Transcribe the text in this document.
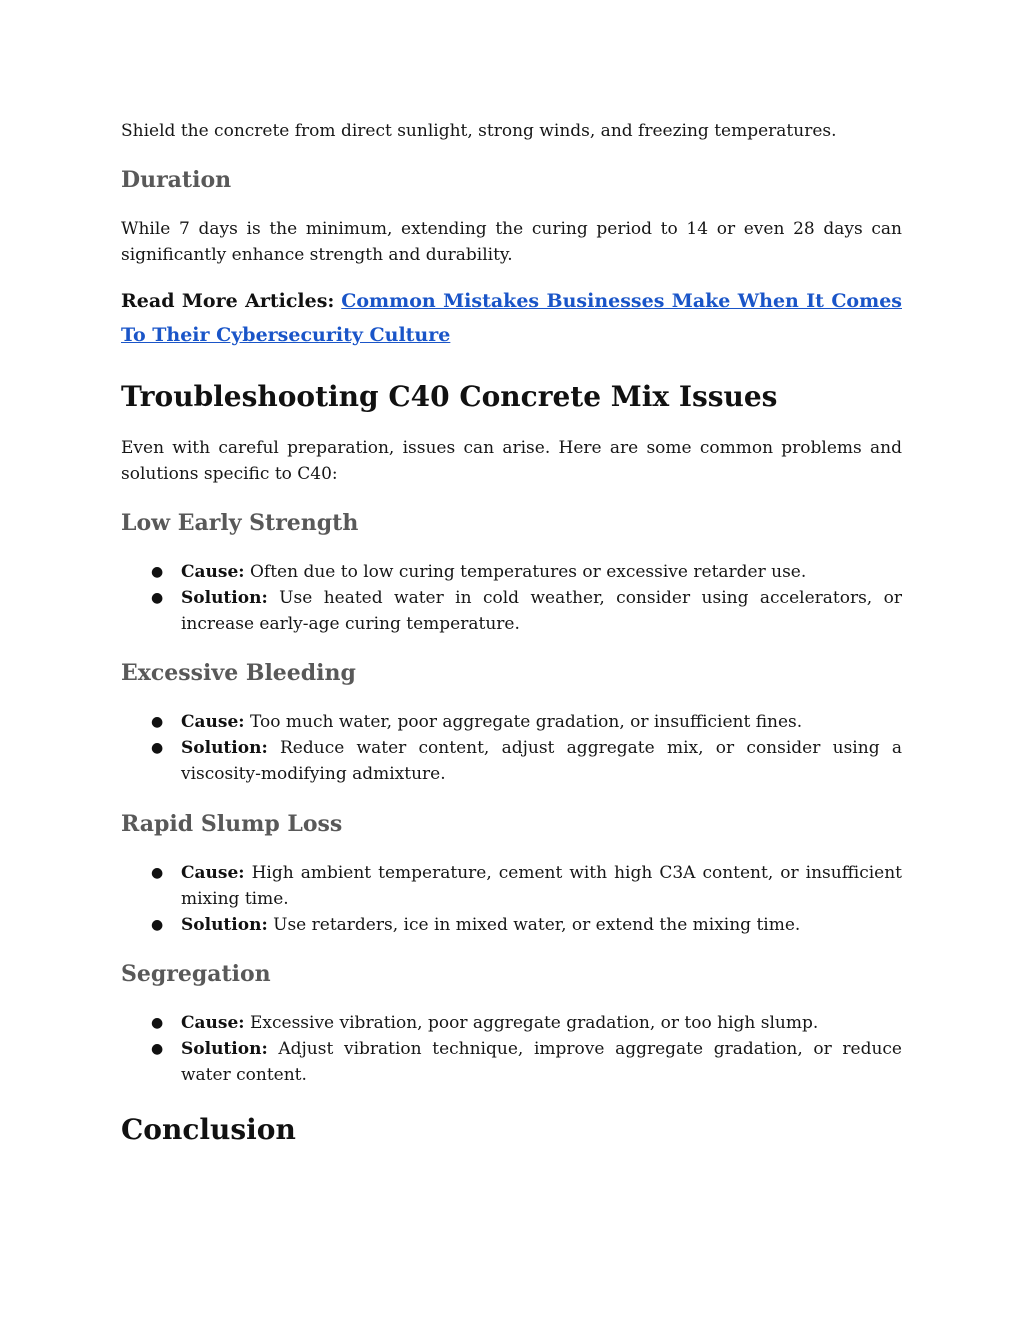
Shield the concrete from direct sunlight, strong winds, and freezing temperatures.

Duration

While 7 days is the minimum, extending the curing period to 14 or even 28 days can significantly enhance strength and durability.

Read More Articles: Common Mistakes Businesses Make When It Comes To Their Cybersecurity Culture

Troubleshooting C40 Concrete Mix Issues

Even with careful preparation, issues can arise. Here are some common problems and solutions specific to C40:

Low Early Strength
● Cause: Often due to low curing temperatures or excessive retarder use.
● Solution: Use heated water in cold weather, consider using accelerators, or increase early-age curing temperature.
Excessive Bleeding
● Cause: Too much water, poor aggregate gradation, or insufficient fines.
● Solution: Reduce water content, adjust aggregate mix, or consider using a viscosity-modifying admixture.
Rapid Slump Loss
● Cause: High ambient temperature, cement with high C3A content, or insufficient mixing time.
● Solution: Use retarders, ice in mixed water, or extend the mixing time.
Segregation
● Cause: Excessive vibration, poor aggregate gradation, or too high slump.
● Solution: Adjust vibration technique, improve aggregate gradation, or reduce water content.
Conclusion
